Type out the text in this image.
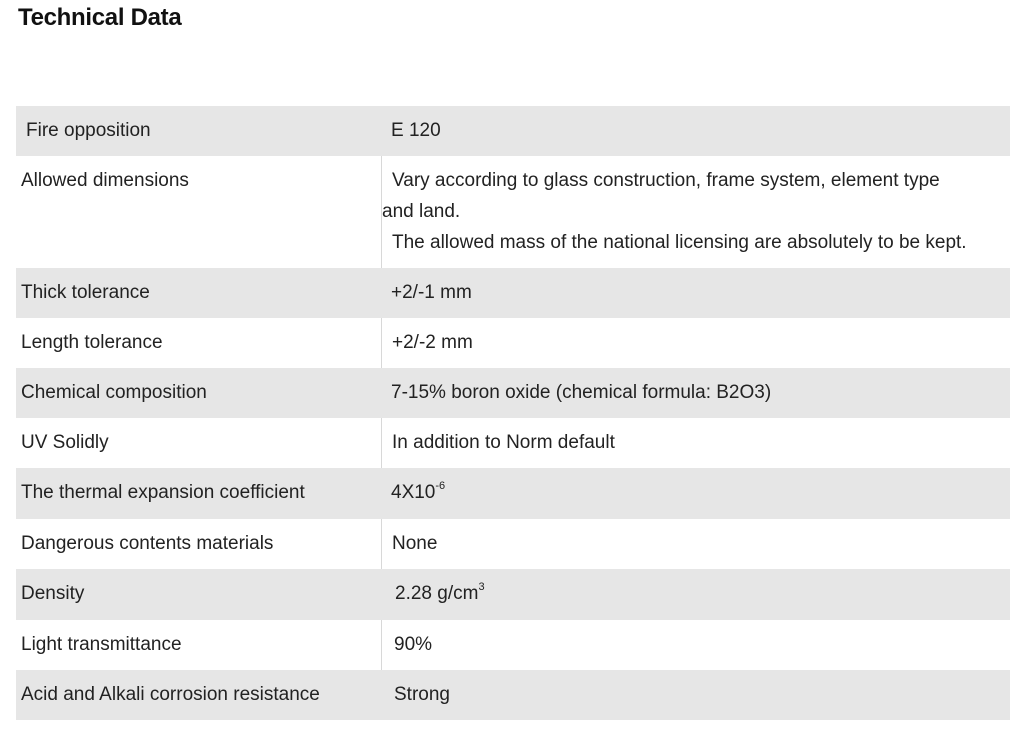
Technical Data
Fire opposition	E 120
Allowed dimensions	Vary according to glass construction, frame system, element type
and land.
The allowed mass of the national licensing are absolutely to be kept.
Thick tolerance	+2/-1 mm
Length tolerance	+2/-2 mm
Chemical composition	7-15% boron oxide (chemical formula: B2O3)
UV Solidly	In addition to Norm default
The thermal expansion coefficient	$4X10^{-6}$
Dangerous contents materials	None
Density	2.28 $g/cm^3$
Light transmittance	90%
Acid and Alkali corrosion resistance	Strong
